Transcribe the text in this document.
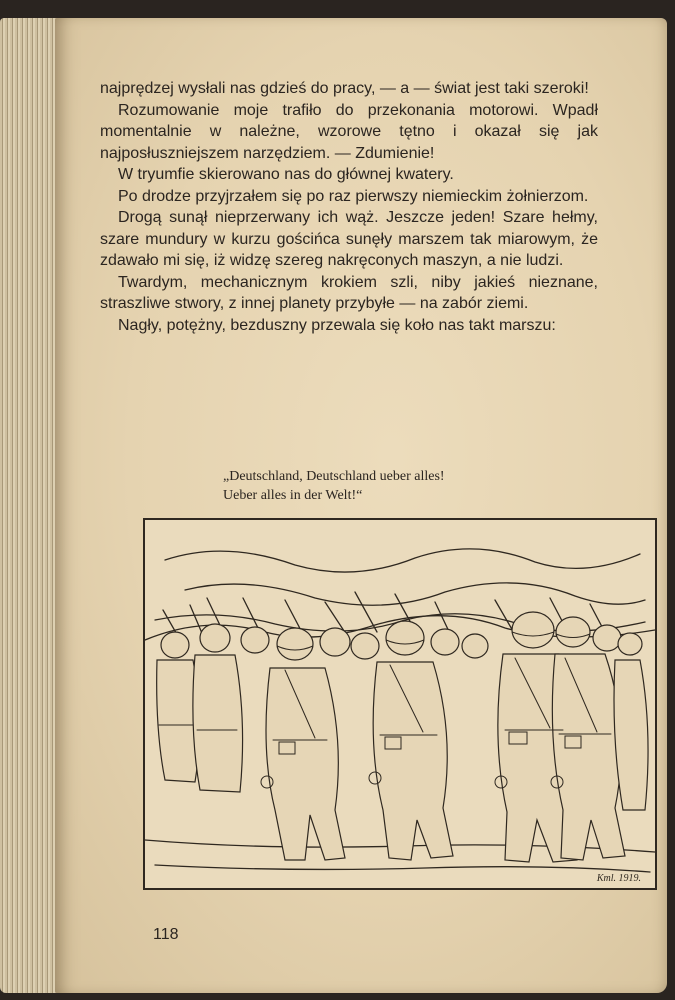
najprędzej wysłali nas gdzieś do pracy, — a — świat jest taki szeroki!

Rozumowanie moje trafiło do przekonania motorowi. Wpadł momentalnie w należne, wzorowe tętno i okazał się jak najposłuszniejszem narzędziem. — Zdumienie!

W tryumfie skierowano nas do głównej kwatery.

Po drodze przyjrzałem się po raz pierwszy niemieckim żołnierzom.

Drogą sunął nieprzerwany ich wąż. Jeszcze jeden! Szare hełmy, szare mundury w kurzu gościńca sunęły marszem tak miarowym, że zdawało mi się, iż widzę szereg nakręconych maszyn, a nie ludzi.

Twardym, mechanicznym krokiem szli, niby jakieś nieznane, straszliwe stwory, z innej planety przybyłe — na zabór ziemi.

Nagły, potężny, bezduszny przewala się koło nas takt marszu:

„Deutschland, Deutschland ueber alles!
Ueber alles in der Welt!“
Kml. 1919.
118
